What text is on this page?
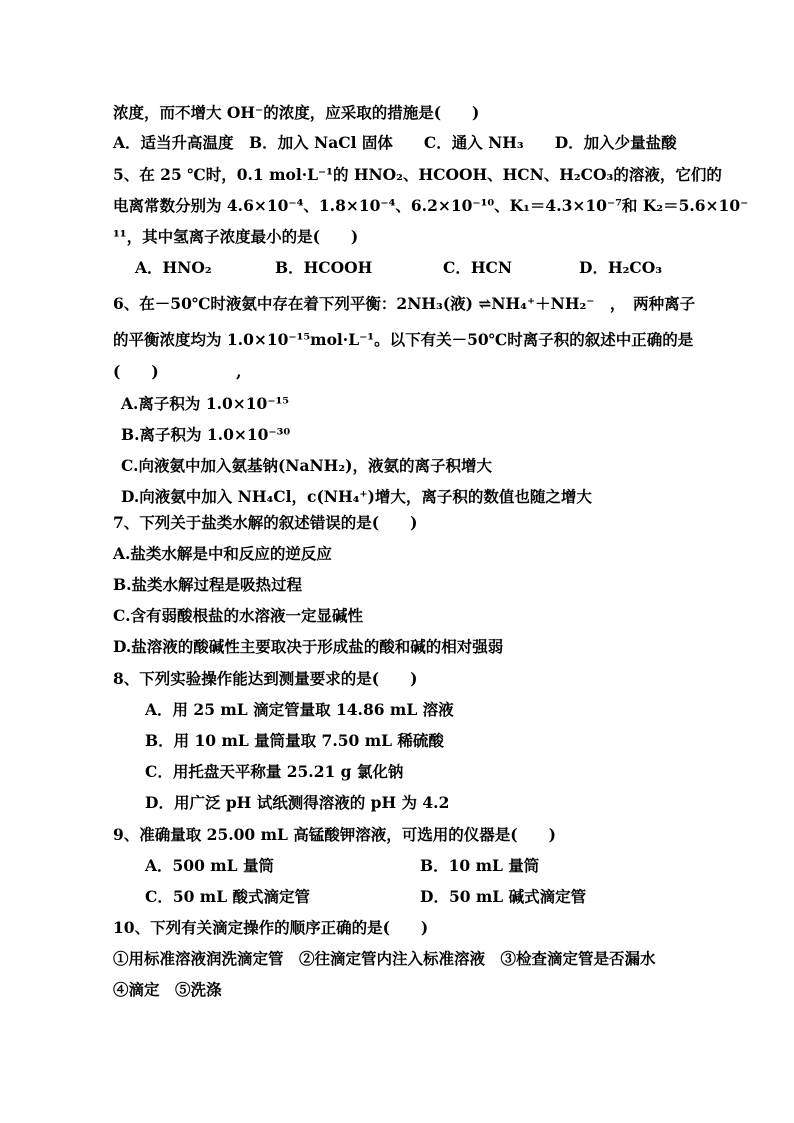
浓度，而不增大 OH⁻的浓度，应采取的措施是(　　)
A．适当升高温度　B．加入 NaCl 固体　　C．通入 NH₃　　D．加入少量盐酸
5、在 25 ℃时，0.1 mol·L⁻¹的 HNO₂、HCOOH、HCN、H₂CO₃的溶液，它们的
电离常数分别为 4.6×10⁻⁴、1.8×10⁻⁴、6.2×10⁻¹⁰、K₁＝4.3×10⁻⁷和 K₂＝5.6×10⁻
¹¹，其中氢离子浓度最小的是(　　)
A．HNO₂	B．HCOOH	C．HCN	D．H₂CO₃
6、在－50℃时液氨中存在着下列平衡：2NH₃(液) ⇌NH₄⁺＋NH₂⁻　，　两种离子
的平衡浓度均为 1.0×10⁻¹⁵mol·L⁻¹。以下有关－50℃时离子积的叙述中正确的是
(　　)　　　　　,
A.离子积为 1.0×10⁻¹⁵
B.离子积为 1.0×10⁻³⁰
C.向液氨中加入氨基钠(NaNH₂)，液氨的离子积增大
D.向液氨中加入 NH₄Cl，c(NH₄⁺)增大，离子积的数值也随之增大
7、下列关于盐类水解的叙述错误的是(　　)
A.盐类水解是中和反应的逆反应
B.盐类水解过程是吸热过程
C.含有弱酸根盐的水溶液一定显碱性
D.盐溶液的酸碱性主要取决于形成盐的酸和碱的相对强弱
8、下列实验操作能达到测量要求的是(　　)
A．用 25 mL 滴定管量取 14.86 mL 溶液
B．用 10 mL 量筒量取 7.50 mL 稀硫酸
C．用托盘天平称量 25.21 g 氯化钠
D．用广泛 pH 试纸测得溶液的 pH 为 4.2
9、准确量取 25.00 mL 高锰酸钾溶液，可选用的仪器是(　　)
A．500 mL 量筒	B．10 mL 量筒
C．50 mL 酸式滴定管	D．50 mL 碱式滴定管
10、下列有关滴定操作的顺序正确的是(　　)
①用标准溶液润洗滴定管　②往滴定管内注入标准溶液　③检查滴定管是否漏水
④滴定　⑤洗涤
